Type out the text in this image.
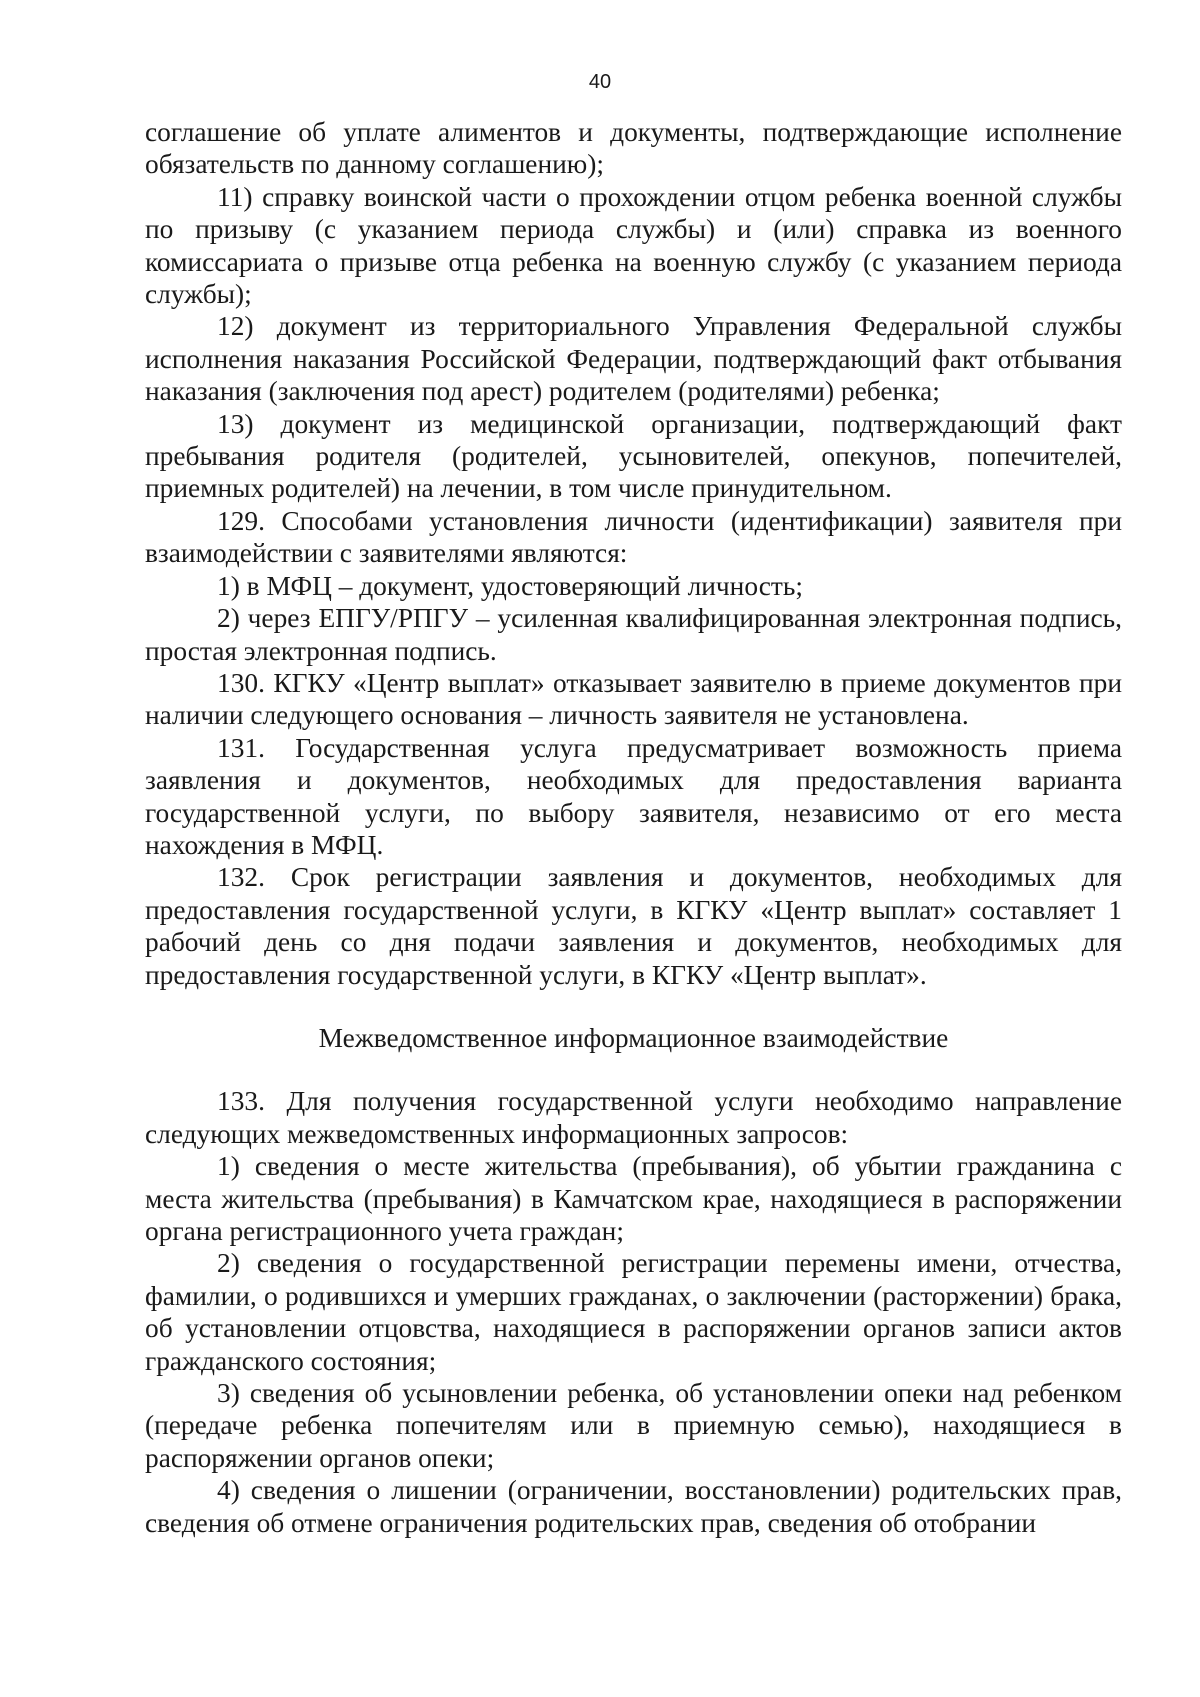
40

соглашение об уплате алиментов и документы, подтверждающие исполнение обязательств по данному соглашению);

11) справку воинской части о прохождении отцом ребенка военной службы по призыву (с указанием периода службы) и (или) справка из военного комиссариата о призыве отца ребенка на военную службу (с указанием периода службы);

12) документ из территориального Управления Федеральной службы исполнения наказания Российской Федерации, подтверждающий факт отбывания наказания (заключения под арест) родителем (родителями) ребенка;

13) документ из медицинской организации, подтверждающий факт пребывания родителя (родителей, усыновителей, опекунов, попечителей, приемных родителей) на лечении, в том числе принудительном.

129. Способами установления личности (идентификации) заявителя при взаимодействии с заявителями являются:

1) в МФЦ – документ, удостоверяющий личность;

2) через ЕПГУ/РПГУ – усиленная квалифицированная электронная подпись, простая электронная подпись.

130. КГКУ «Центр выплат» отказывает заявителю в приеме документов при наличии следующего основания – личность заявителя не установлена.

131. Государственная услуга предусматривает возможность приема заявления и документов, необходимых для предоставления варианта государственной услуги, по выбору заявителя, независимо от его места нахождения в МФЦ.

132. Срок регистрации заявления и документов, необходимых для предоставления государственной услуги, в КГКУ «Центр выплат» составляет 1 рабочий день со дня подачи заявления и документов, необходимых для предоставления государственной услуги, в КГКУ «Центр выплат».

Межведомственное информационное взаимодействие

133. Для получения государственной услуги необходимо направление следующих межведомственных информационных запросов:

1) сведения о месте жительства (пребывания), об убытии гражданина с места жительства (пребывания) в Камчатском крае, находящиеся в распоряжении органа регистрационного учета граждан;

2) сведения о государственной регистрации перемены имени, отчества, фамилии, о родившихся и умерших гражданах, о заключении (расторжении) брака, об установлении отцовства, находящиеся в распоряжении органов записи актов гражданского состояния;

3) сведения об усыновлении ребенка, об установлении опеки над ребенком (передаче ребенка попечителям или в приемную семью), находящиеся в распоряжении органов опеки;

4) сведения о лишении (ограничении, восстановлении) родительских прав, сведения об отмене ограничения родительских прав, сведения об отобрании
